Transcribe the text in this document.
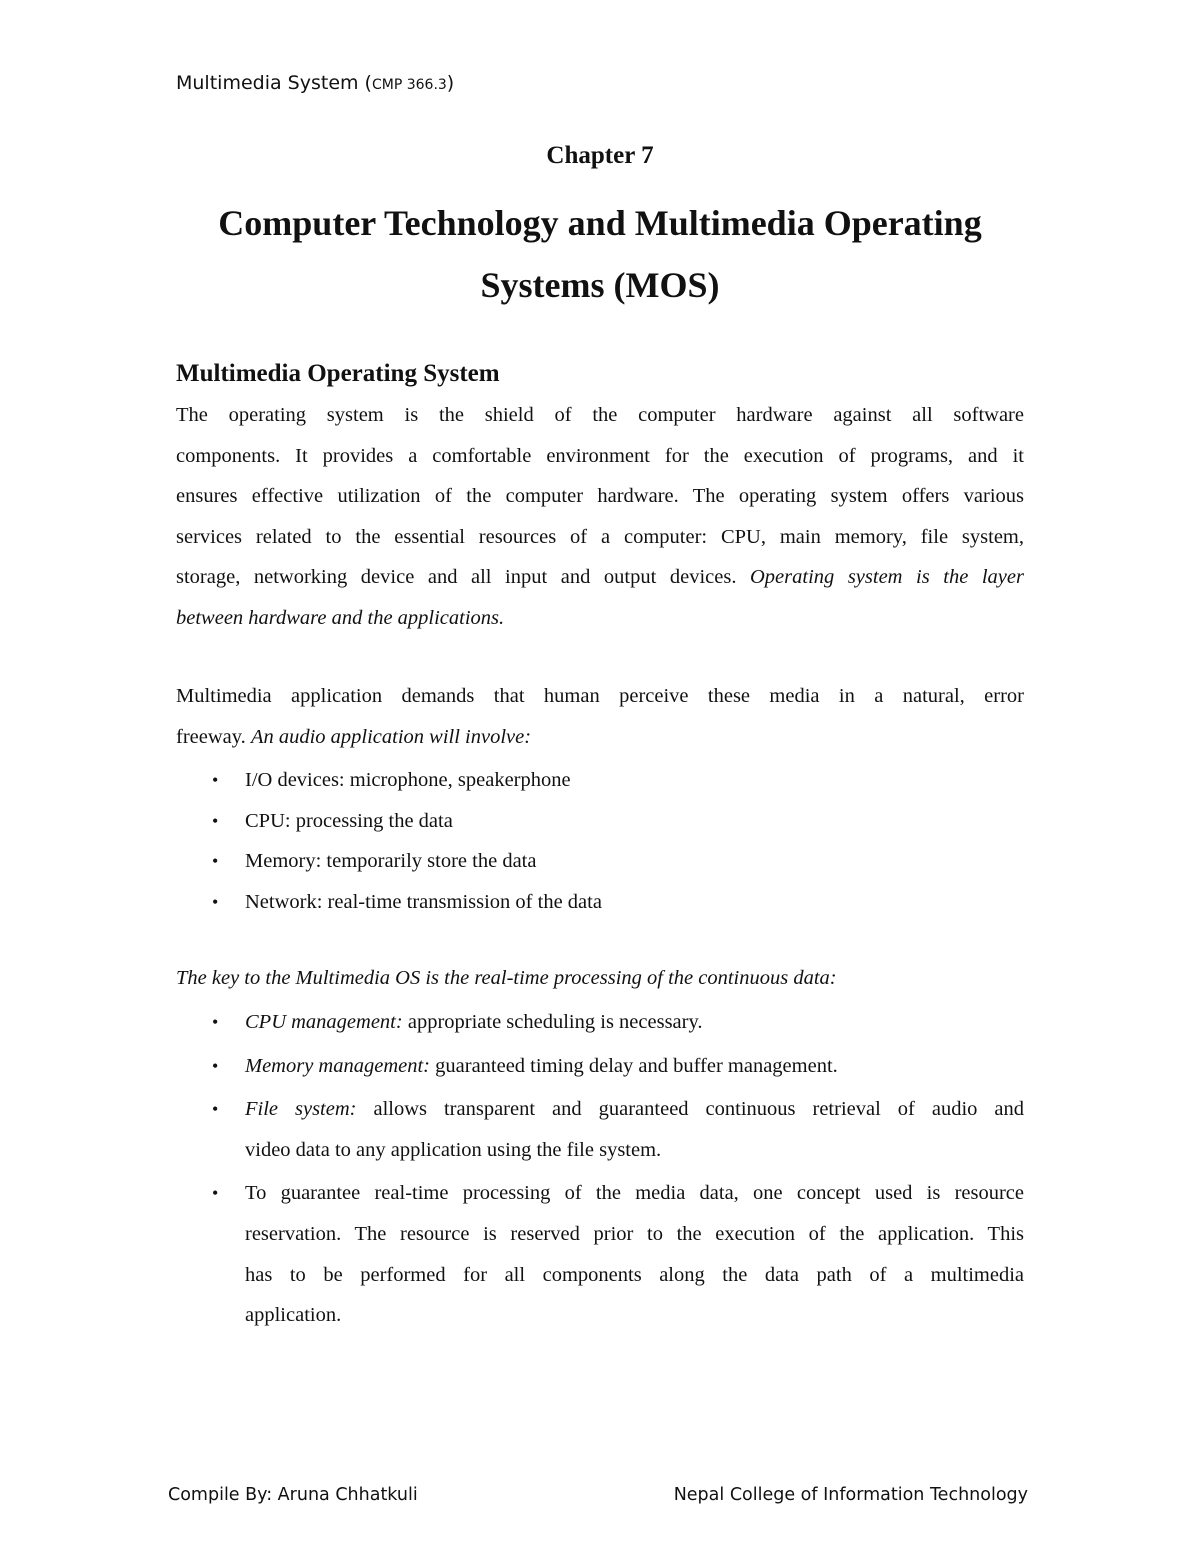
Multimedia System (CMP 366.3)
Chapter 7
Computer Technology and Multimedia Operating
Systems (MOS)
Multimedia Operating System
The operating system is the shield of the computer hardware against all software
components. It provides a comfortable environment for the execution of programs, and it
ensures effective utilization of the computer hardware. The operating system offers various
services related to the essential resources of a computer: CPU, main memory, file system,
storage, networking device and all input and output devices. Operating system is the layer
between hardware and the applications.
Multimedia application demands that human perceive these media in a natural, error
freeway. An audio application will involve:
• I/O devices: microphone, speakerphone
• CPU: processing the data
• Memory: temporarily store the data
• Network: real-time transmission of the data
The key to the Multimedia OS is the real-time processing of the continuous data:
• CPU management: appropriate scheduling is necessary.
• Memory management: guaranteed timing delay and buffer management.
• File system: allows transparent and guaranteed continuous retrieval of audio and
video data to any application using the file system.
• To guarantee real-time processing of the media data, one concept used is resource
reservation. The resource is reserved prior to the execution of the application. This
has to be performed for all components along the data path of a multimedia
application.
Compile By: Aruna Chhatkuli	Nepal College of Information Technology
